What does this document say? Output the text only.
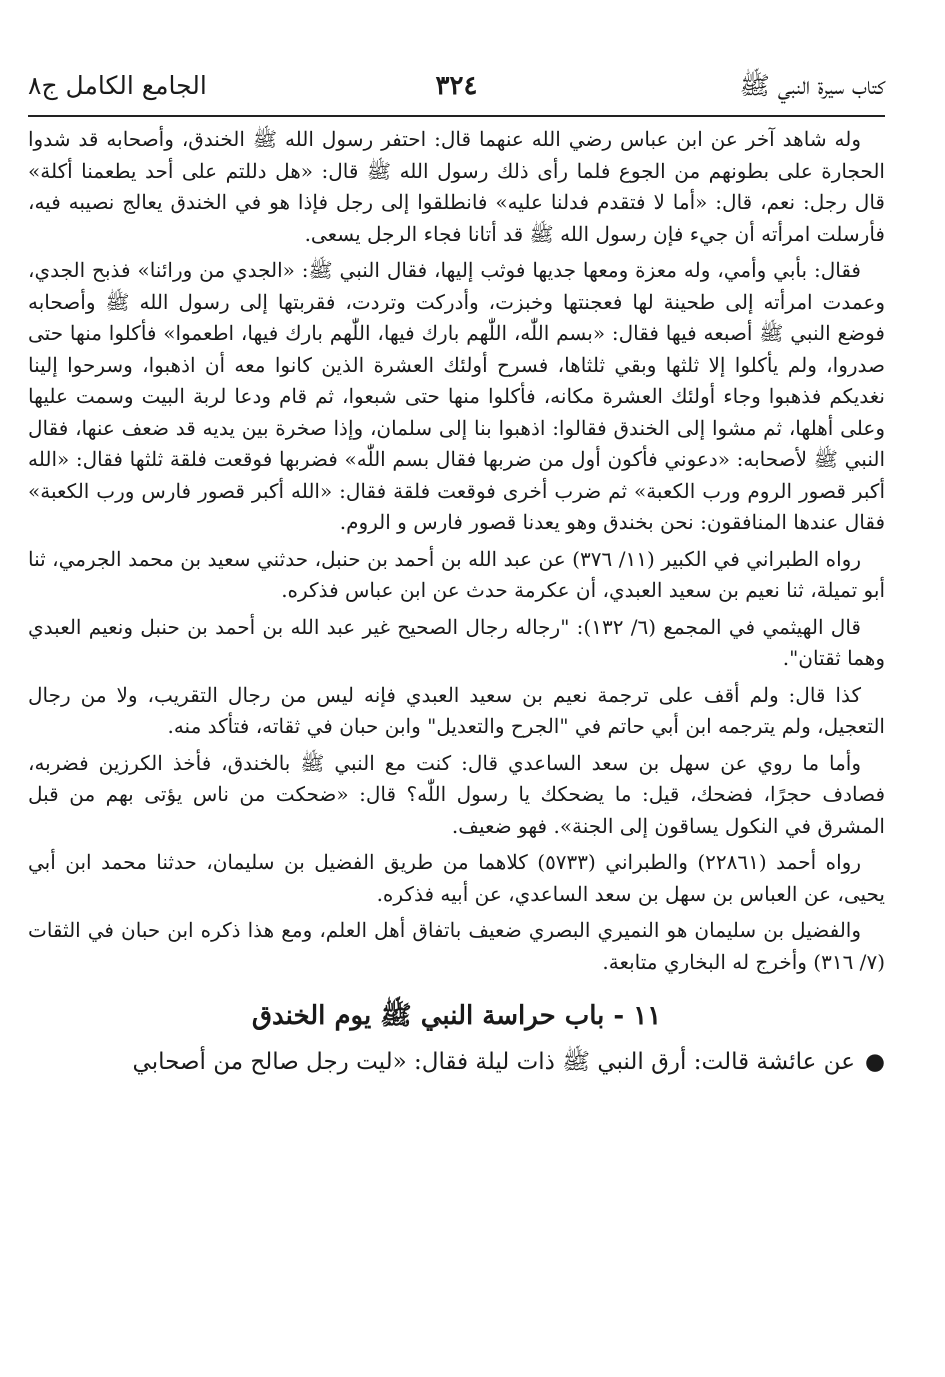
كتاب سيرة النبي ﷺ
٣٢٤
الجامع الكامل ج٨

وله شاهد آخر عن ابن عباس رضي الله عنهما قال: احتفر رسول الله ﷺ الخندق، وأصحابه قد شدوا الحجارة على بطونهم من الجوع فلما رأى ذلك رسول الله ﷺ قال: «هل دللتم على أحد يطعمنا أكلة» قال رجل: نعم، قال: «أما لا فتقدم فدلنا عليه» فانطلقوا إلى رجل فإذا هو في الخندق يعالج نصيبه فيه، فأرسلت امرأته أن جيء فإن رسول الله ﷺ قد أتانا فجاء الرجل يسعى.

فقال: بأبي وأمي، وله معزة ومعها جديها فوثب إليها، فقال النبي ﷺ: «الجدي من ورائنا» فذبح الجدي، وعمدت امرأته إلى طحينة لها فعجنتها وخبزت، وأدركت وتردت، فقربتها إلى رسول الله ﷺ وأصحابه فوضع النبي ﷺ أصبعه فيها فقال: «بسم اللّٰه، اللّٰهم بارك فيها، اللّٰهم بارك فيها، اطعموا» فأكلوا منها حتى صدروا، ولم يأكلوا إلا ثلثها وبقي ثلثاها، فسرح أولئك العشرة الذين كانوا معه أن اذهبوا، وسرحوا إلينا نغديكم فذهبوا وجاء أولئك العشرة مكانه، فأكلوا منها حتى شبعوا، ثم قام ودعا لربة البيت وسمت عليها وعلى أهلها، ثم مشوا إلى الخندق فقالوا: اذهبوا بنا إلى سلمان، وإذا صخرة بين يديه قد ضعف عنها، فقال النبي ﷺ لأصحابه: «دعوني فأكون أول من ضربها فقال بسم اللّٰه» فضربها فوقعت فلقة ثلثها فقال: «الله أكبر قصور الروم ورب الكعبة» ثم ضرب أخرى فوقعت فلقة فقال: «الله أكبر قصور فارس ورب الكعبة» فقال عندها المنافقون: نحن بخندق وهو يعدنا قصور فارس و الروم.

رواه الطبراني في الكبير (١١/ ٣٧٦) عن عبد الله بن أحمد بن حنبل، حدثني سعيد بن محمد الجرمي، ثنا أبو تميلة، ثنا نعيم بن سعيد العبدي، أن عكرمة حدث عن ابن عباس فذكره.

قال الهيثمي في المجمع (٦/ ١٣٢): "رجاله رجال الصحيح غير عبد الله بن أحمد بن حنبل ونعيم العبدي وهما ثقتان".

كذا قال: ولم أقف على ترجمة نعيم بن سعيد العبدي فإنه ليس من رجال التقريب، ولا من رجال التعجيل، ولم يترجمه ابن أبي حاتم في "الجرح والتعديل" وابن حبان في ثقاته، فتأكد منه.

وأما ما روي عن سهل بن سعد الساعدي قال: كنت مع النبي ﷺ بالخندق، فأخذ الكرزين فضربه، فصادف حجرًا، فضحك، قيل: ما يضحكك يا رسول اللّٰه؟ قال: «ضحكت من ناس يؤتى بهم من قبل المشرق في النكول يساقون إلى الجنة». فهو ضعيف.

رواه أحمد (٢٢٨٦١) والطبراني (٥٧٣٣) كلاهما من طريق الفضيل بن سليمان، حدثنا محمد ابن أبي يحيى، عن العباس بن سهل بن سعد الساعدي، عن أبيه فذكره.

والفضيل بن سليمان هو النميري البصري ضعيف باتفاق أهل العلم، ومع هذا ذكره ابن حبان في الثقات (٧/ ٣١٦) وأخرج له البخاري متابعة.

١١ - باب حراسة النبي ﷺ يوم الخندق
●عن عائشة قالت: أرق النبي ﷺ ذات ليلة فقال: «ليت رجل صالح من أصحابي
